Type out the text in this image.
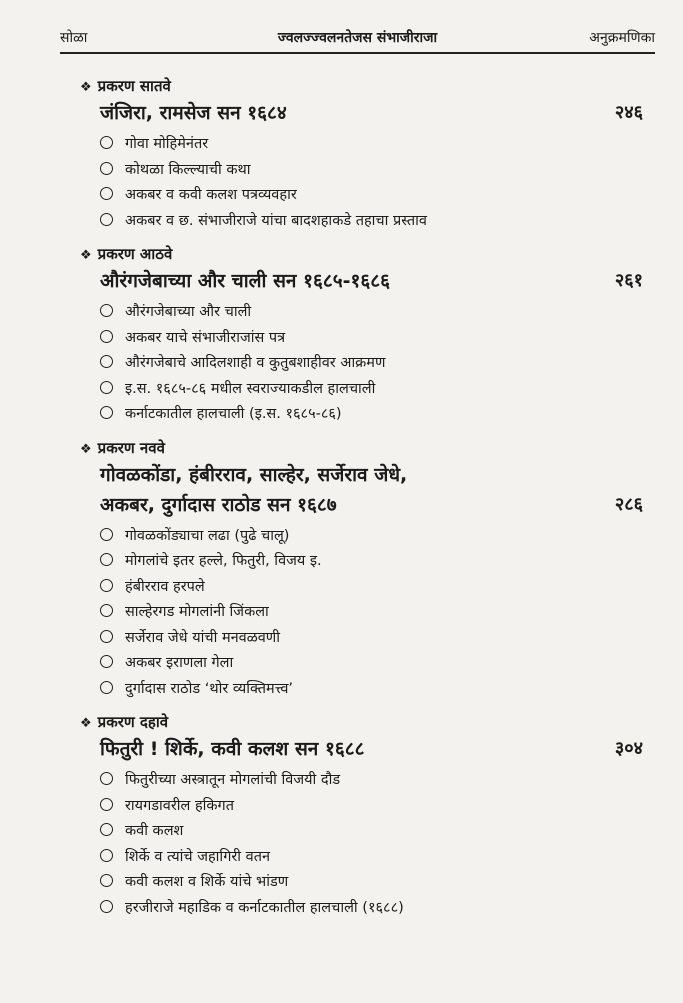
सोळा	ज्वलज्ज्वलनतेजस संभाजीराजा	अनुक्रमणिका
❖ प्रकरण सातवे
जंजिरा, रामसेज सन १६८४	२४६
गोवा मोहिमेनंतर
कोथळा किल्ल्याची कथा
अकबर व कवी कलश पत्रव्यवहार
अकबर व छ. संभाजीराजे यांचा बादशहाकडे तहाचा प्रस्ताव
❖ प्रकरण आठवे
औरंगजेबाच्या और चाली सन १६८५-१६८६	२६१
औरंगजेबाच्या और चाली
अकबर याचे संभाजीराजांस पत्र
औरंगजेबाचे आदिलशाही व कुतुबशाहीवर आक्रमण
इ.स. १६८५-८६ मधील स्वराज्याकडील हालचाली
कर्नाटकातील हालचाली (इ.स. १६८५-८६)
❖ प्रकरण नववे
गोवळकोंडा, हंबीरराव, साल्हेर, सर्जेराव जेधे,
अकबर, दुर्गादास राठोड सन १६८७	२८६
गोवळकोंड्याचा लढा (पुढे चालू)
मोगलांचे इतर हल्ले, फितुरी, विजय इ.
हंबीरराव हरपले
साल्हेरगड मोगलांनी जिंकला
सर्जेराव जेधे यांची मनवळवणी
अकबर इराणला गेला
दुर्गादास राठोड ‘थोर व्यक्तिमत्त्व’
❖ प्रकरण दहावे
फितुरी ! शिर्के, कवी कलश सन १६८८	३०४
फितुरीच्या अस्त्रातून मोगलांची विजयी दौड
रायगडावरील हकिगत
कवी कलश
शिर्के व त्यांचे जहागिरी वतन
कवी कलश व शिर्के यांचे भांडण
हरजीराजे महाडिक व कर्नाटकातील हालचाली (१६८८)
